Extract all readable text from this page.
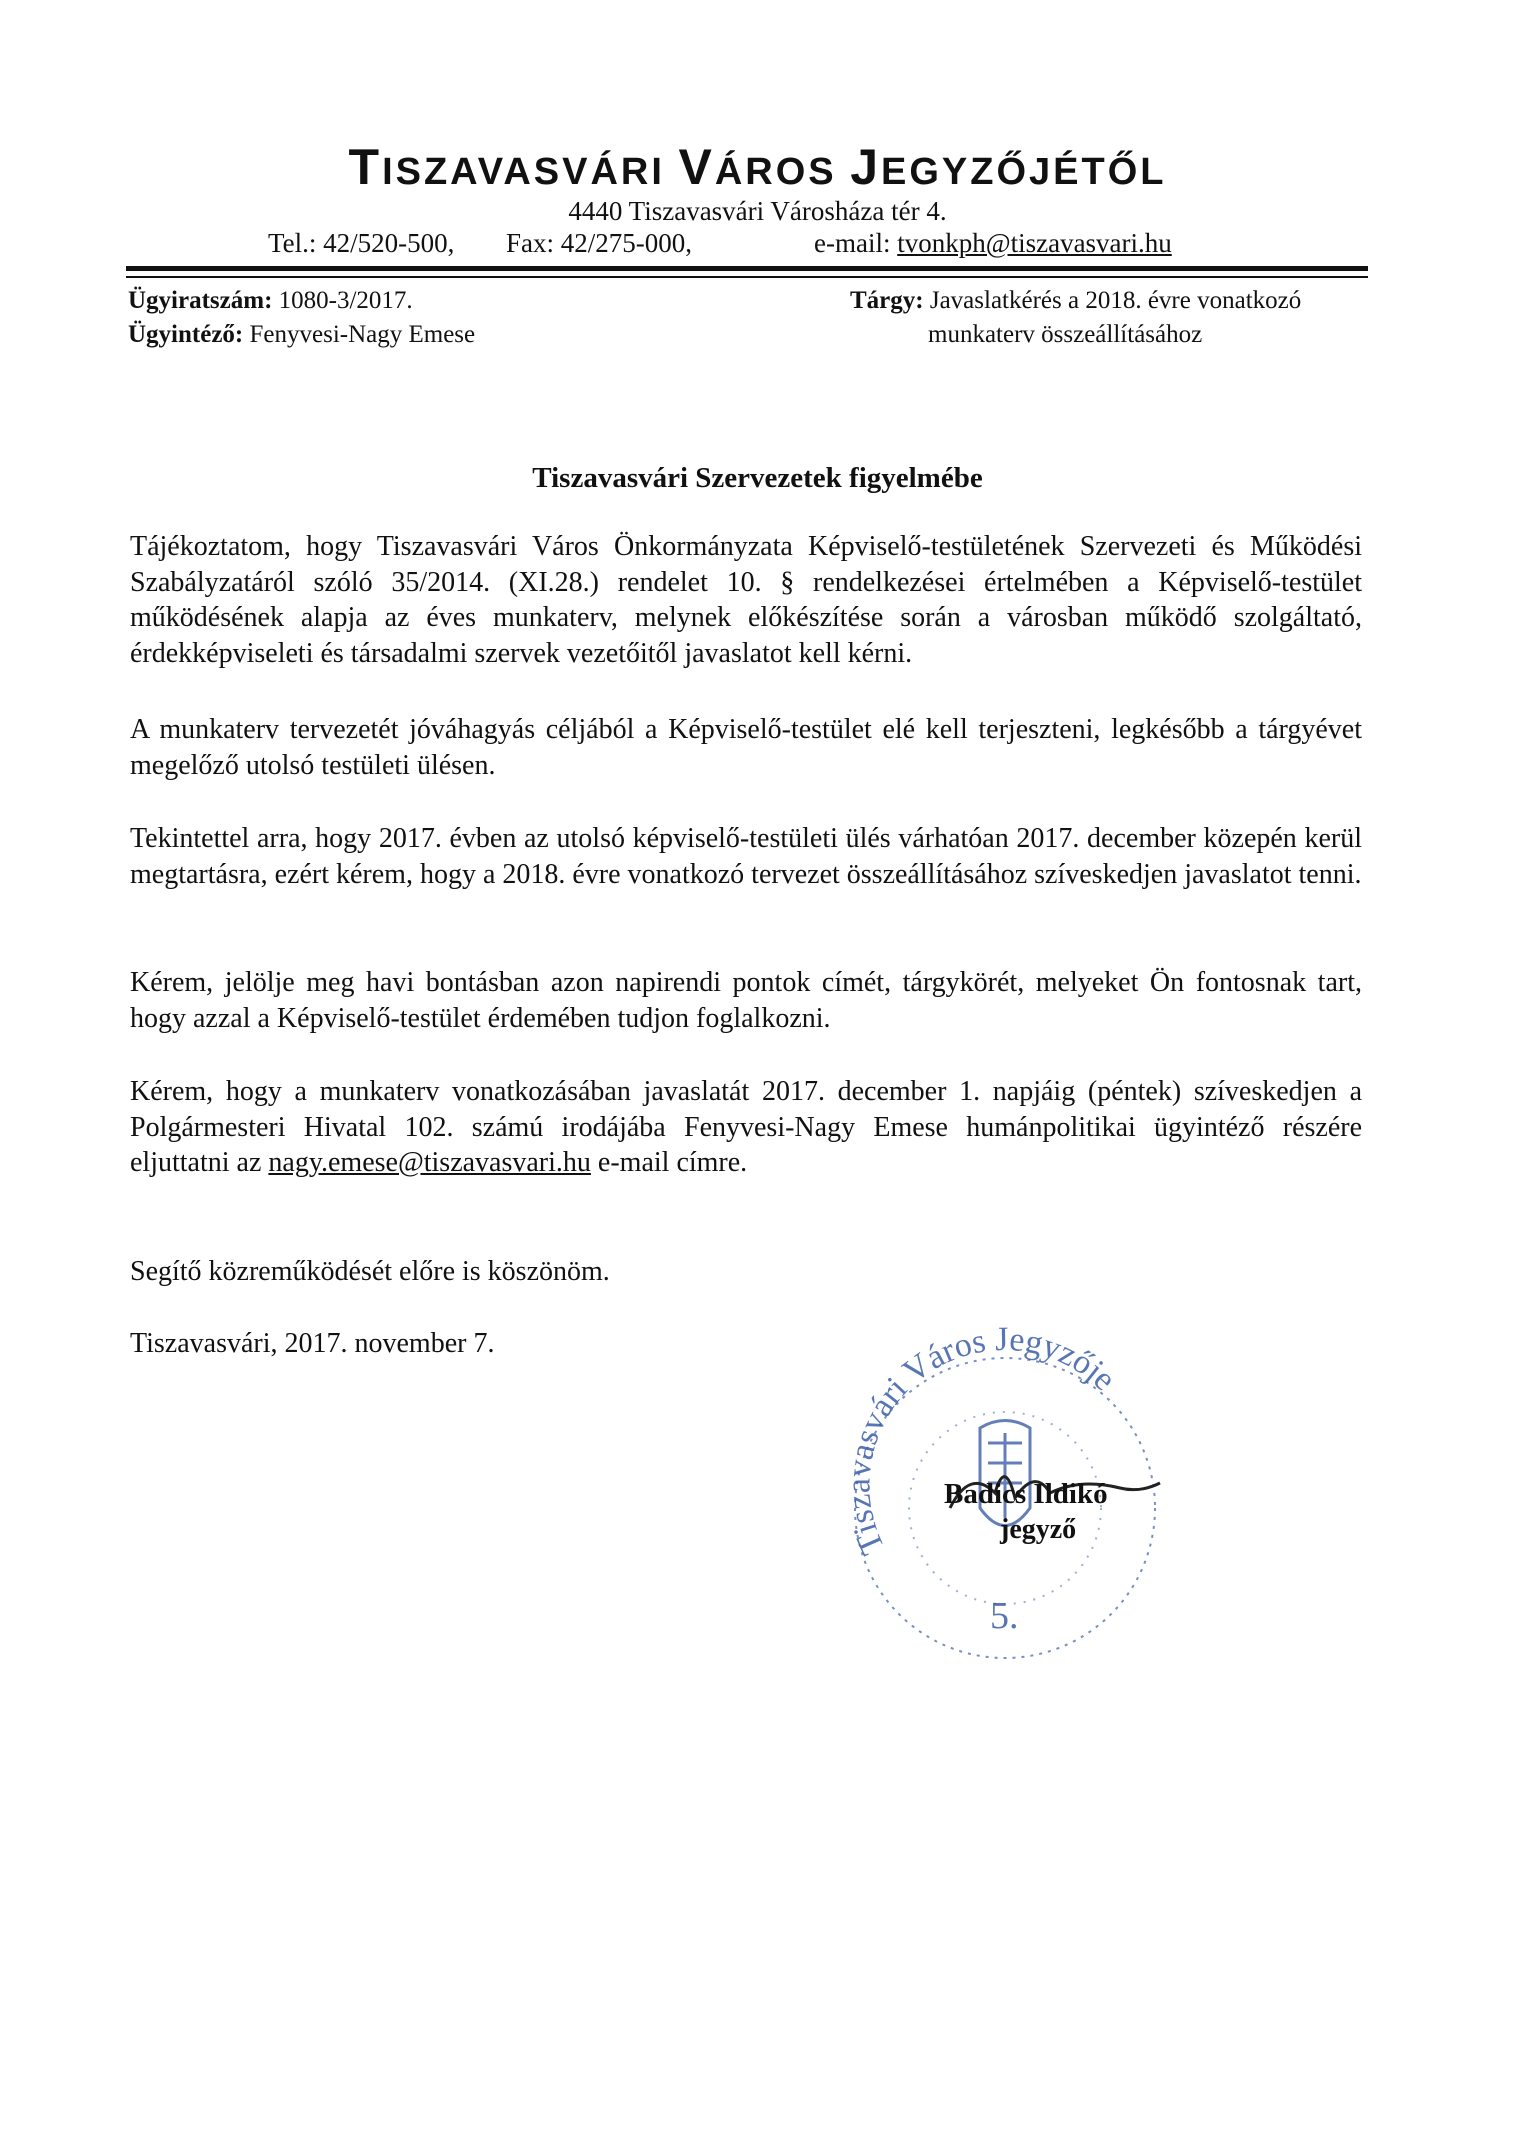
TISZAVASVÁRI VÁROS JEGYZŐJÉTŐL
4440 Tiszavasvári Városháza tér 4.
Tel.: 42/520-500, Fax: 42/275-000,	e-mail: tvonkph@tiszavasvari.hu
Ügyiratszám: 1080-3/2017.
Ügyintéző: Fenyvesi-Nagy Emese
Tárgy: Javaslatkérés a 2018. évre vonatkozó
munkaterv összeállításához
Tiszavasvári Szervezetek figyelmébe
Tájékoztatom, hogy Tiszavasvári Város Önkormányzata Képviselő-testületének Szervezeti és Működési Szabályzatáról szóló 35/2014. (XI.28.) rendelet 10. § rendelkezései értelmében a Képviselő-testület működésének alapja az éves munkaterv, melynek előkészítése során a városban működő szolgáltató, érdekképviseleti és társadalmi szervek vezetőitől javaslatot kell kérni.
A munkaterv tervezetét jóváhagyás céljából a Képviselő-testület elé kell terjeszteni, legkésőbb a tárgyévet megelőző utolsó testületi ülésen.
Tekintettel arra, hogy 2017. évben az utolsó képviselő-testületi ülés várhatóan 2017. december közepén kerül megtartásra, ezért kérem, hogy a 2018. évre vonatkozó tervezet összeállításához szíveskedjen javaslatot tenni.
Kérem, jelölje meg havi bontásban azon napirendi pontok címét, tárgykörét, melyeket Ön fontosnak tart, hogy azzal a Képviselő-testület érdemében tudjon foglalkozni.
Kérem, hogy a munkaterv vonatkozásában javaslatát 2017. december 1. napjáig (péntek) szíveskedjen a Polgármesteri Hivatal 102. számú irodájába Fenyvesi-Nagy Emese humánpolitikai ügyintéző részére eljuttatni az nagy.emese@tiszavasvari.hu e-mail címre.
Segítő közreműködését előre is köszönöm.
Tiszavasvári, 2017. november 7.
Tiszavasvári Város Jegyzője
5.
Badics Ildikó
jegyző
